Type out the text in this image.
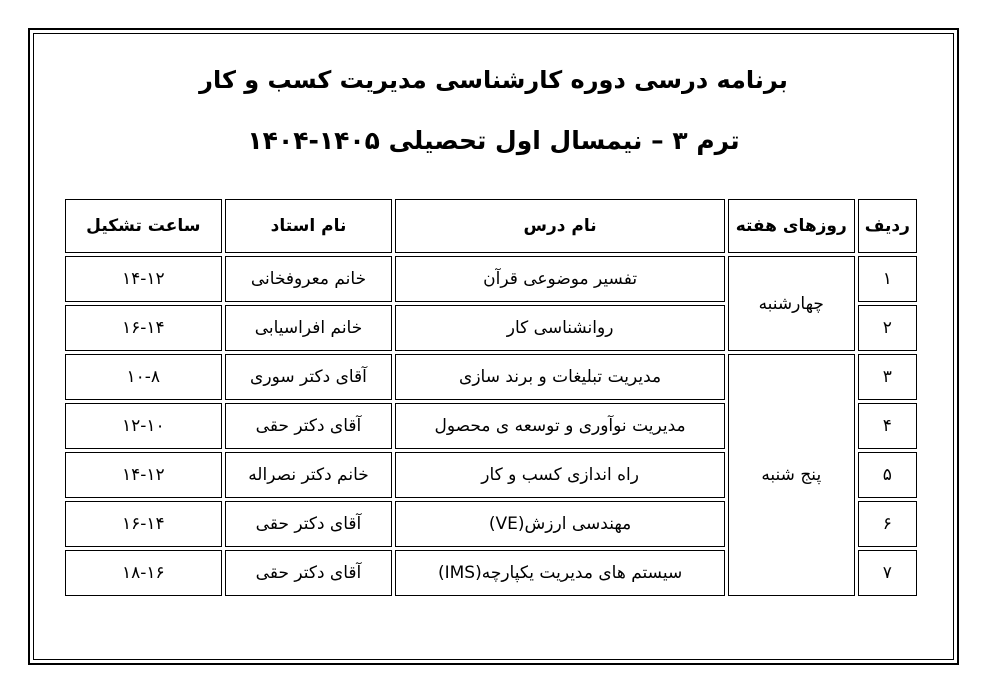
برنامه درسی دوره کارشناسی مدیریت کسب و کار
ترم ۳ – نیمسال اول تحصیلی ۱۴۰۵-۱۴۰۴
ردیف	روزهای هفته	نام درس	نام استاد	ساعت تشکیل
۱	چهارشنبه	تفسیر موضوعی قرآن	خانم معروفخانی	۱۴-۱۲
۲		روانشناسی کار	خانم افراسیابی	۱۶-۱۴
۳	پنج شنبه	مدیریت تبلیغات و برند سازی	آقای دکتر سوری	۱۰-۸
۴		مدیریت نوآوری و توسعه ی محصول	آقای دکتر حقی	۱۲-۱۰
۵		راه اندازی کسب و کار	خانم دکتر نصراله	۱۴-۱۲
۶		مهندسی ارزش(VE)	آقای دکتر حقی	۱۶-۱۴
۷		سیستم های مدیریت یکپارچه(IMS)	آقای دکتر حقی	۱۸-۱۶
